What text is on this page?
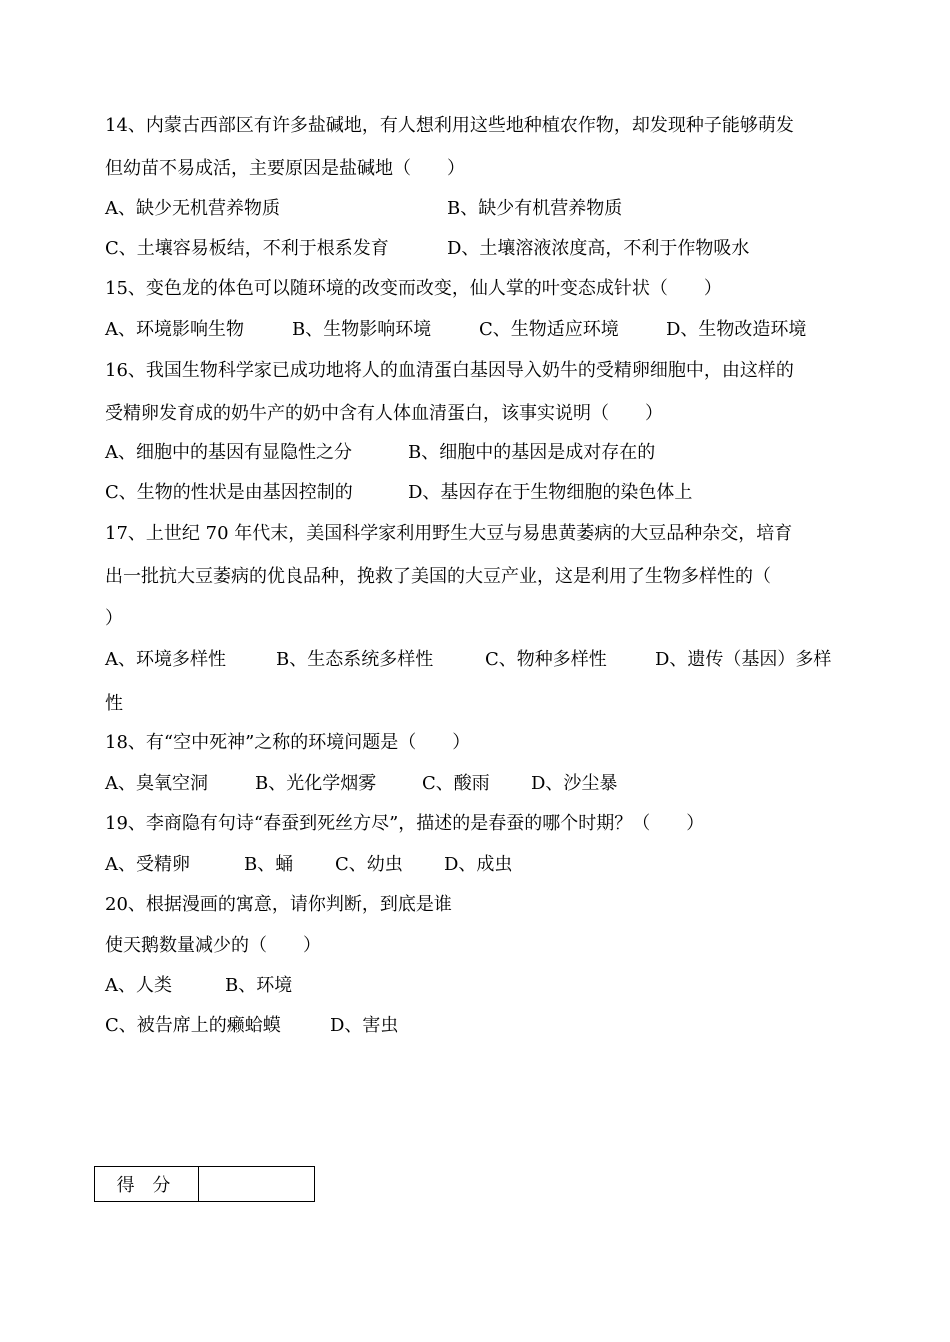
14、内蒙古西部区有许多盐碱地，有人想利用这些地种植农作物，却发现种子能够萌发
但幼苗不易成活，主要原因是盐碱地（　　）
A、缺少无机营养物质	B、缺少有机营养物质
C、土壤容易板结，不利于根系发育	D、土壤溶液浓度高，不利于作物吸水
15、变色龙的体色可以随环境的改变而改变，仙人掌的叶变态成针状（　　）
A、环境影响生物	B、生物影响环境	C、生物适应环境	D、生物改造环境
16、我国生物科学家已成功地将人的血清蛋白基因导入奶牛的受精卵细胞中，由这样的
受精卵发育成的奶牛产的奶中含有人体血清蛋白，该事实说明（　　）
A、细胞中的基因有显隐性之分	B、细胞中的基因是成对存在的
C、生物的性状是由基因控制的	D、基因存在于生物细胞的染色体上
17、上世纪 70 年代末，美国科学家利用野生大豆与易患黄萎病的大豆品种杂交，培育
出一批抗大豆萎病的优良品种，挽救了美国的大豆产业，这是利用了生物多样性的（
）
A、环境多样性	B、生态系统多样性	C、物种多样性	D、遗传（基因）多样
性
18、有“空中死神”之称的环境问题是（　　）
A、臭氧空洞	B、光化学烟雾	C、酸雨 D、沙尘暴
19、李商隐有句诗“春蚕到死丝方尽”，描述的是春蚕的哪个时期？（　　）
A、受精卵	B、蛹 C、幼虫 D、成虫
20、根据漫画的寓意，请你判断，到底是谁
使天鹅数量减少的（　　）
A、人类	B、环境
C、被告席上的癞蛤蟆	D、害虫
得 分	
